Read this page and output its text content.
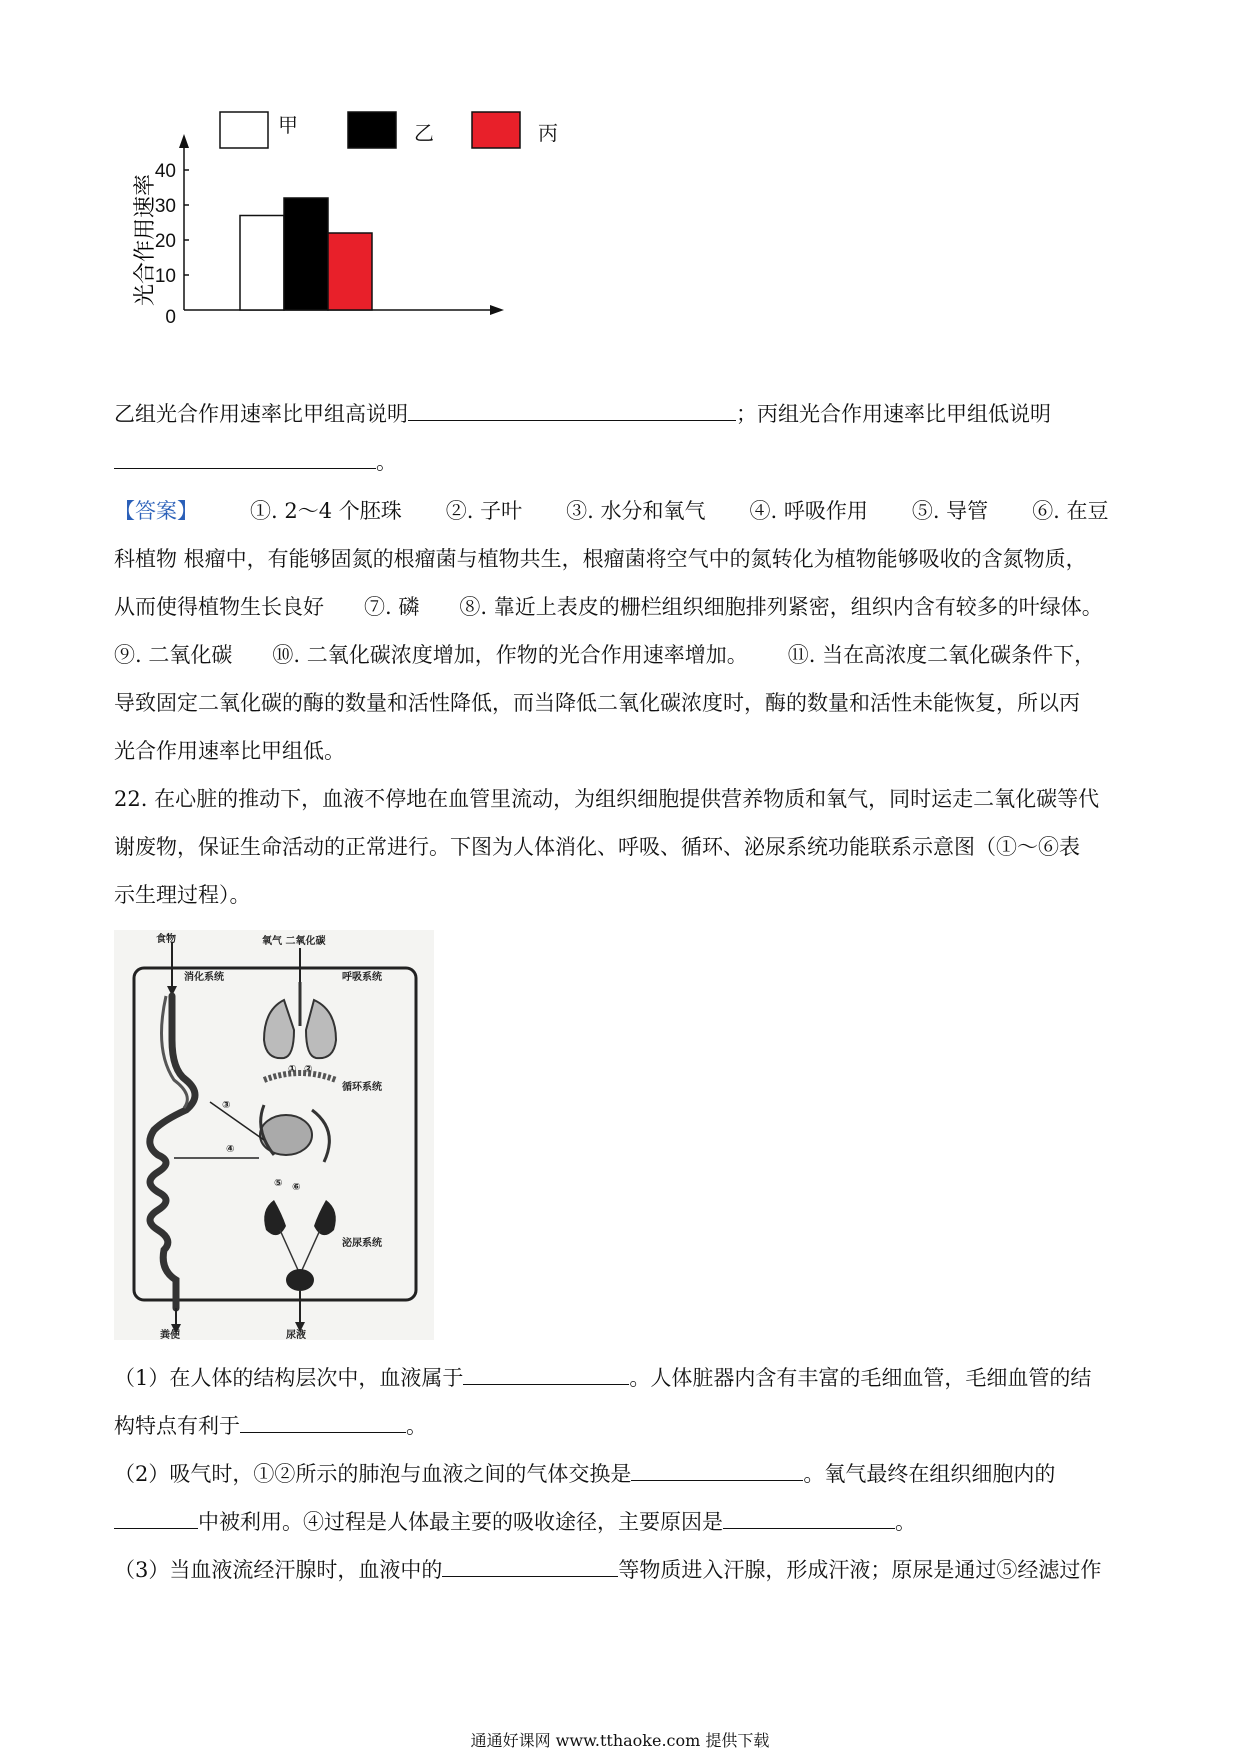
甲	乙	丙
0
10
20
30
40
光合作用速率
乙组光合作用速率比甲组高说明	；丙组光合作用速率比甲组低说明
。
【答案】 ①. 2～4 个胚珠 ②. 子叶 ③. 水分和氧气 ④. 呼吸作用 ⑤. 导管 ⑥. 在豆
科植物 根瘤中，有能够固氮的根瘤菌与植物共生，根瘤菌将空气中的氮转化为植物能够吸收的含氮物质，
从而使得植物生长良好 ⑦. 磷 ⑧. 靠近上表皮的栅栏组织细胞排列紧密，组织内含有较多的叶绿体。
⑨. 二氧化碳 ⑩. 二氧化碳浓度增加，作物的光合作用速率增加。 ⑪. 当在高浓度二氧化碳条件下，
导致固定二氧化碳的酶的数量和活性降低，而当降低二氧化碳浓度时，酶的数量和活性未能恢复，所以丙
光合作用速率比甲组低。
22. 在心脏的推动下，血液不停地在血管里流动，为组织细胞提供营养物质和氧气，同时运走二氧化碳等代
谢废物，保证生命活动的正常进行。下图为人体消化、呼吸、循环、泌尿系统功能联系示意图（①～⑥表
示生理过程）。
食物	氧气 二氧化碳
消化系统	呼吸系统
粪便
循环系统
③
④
① ②
⑤ ⑥
泌尿系统
尿液
（1）在人体的结构层次中，血液属于	。人体脏器内含有丰富的毛细血管，毛细血管的结
构特点有利于	。
（2）吸气时，①②所示的肺泡与血液之间的气体交换是	。氧气最终在组织细胞内的
中被利用。④过程是人体最主要的吸收途径，主要原因是	。
（3）当血液流经汗腺时，血液中的	等物质进入汗腺，形成汗液；原尿是通过⑤经滤过作
通通好课网 www.tthaoke.com 提供下载
